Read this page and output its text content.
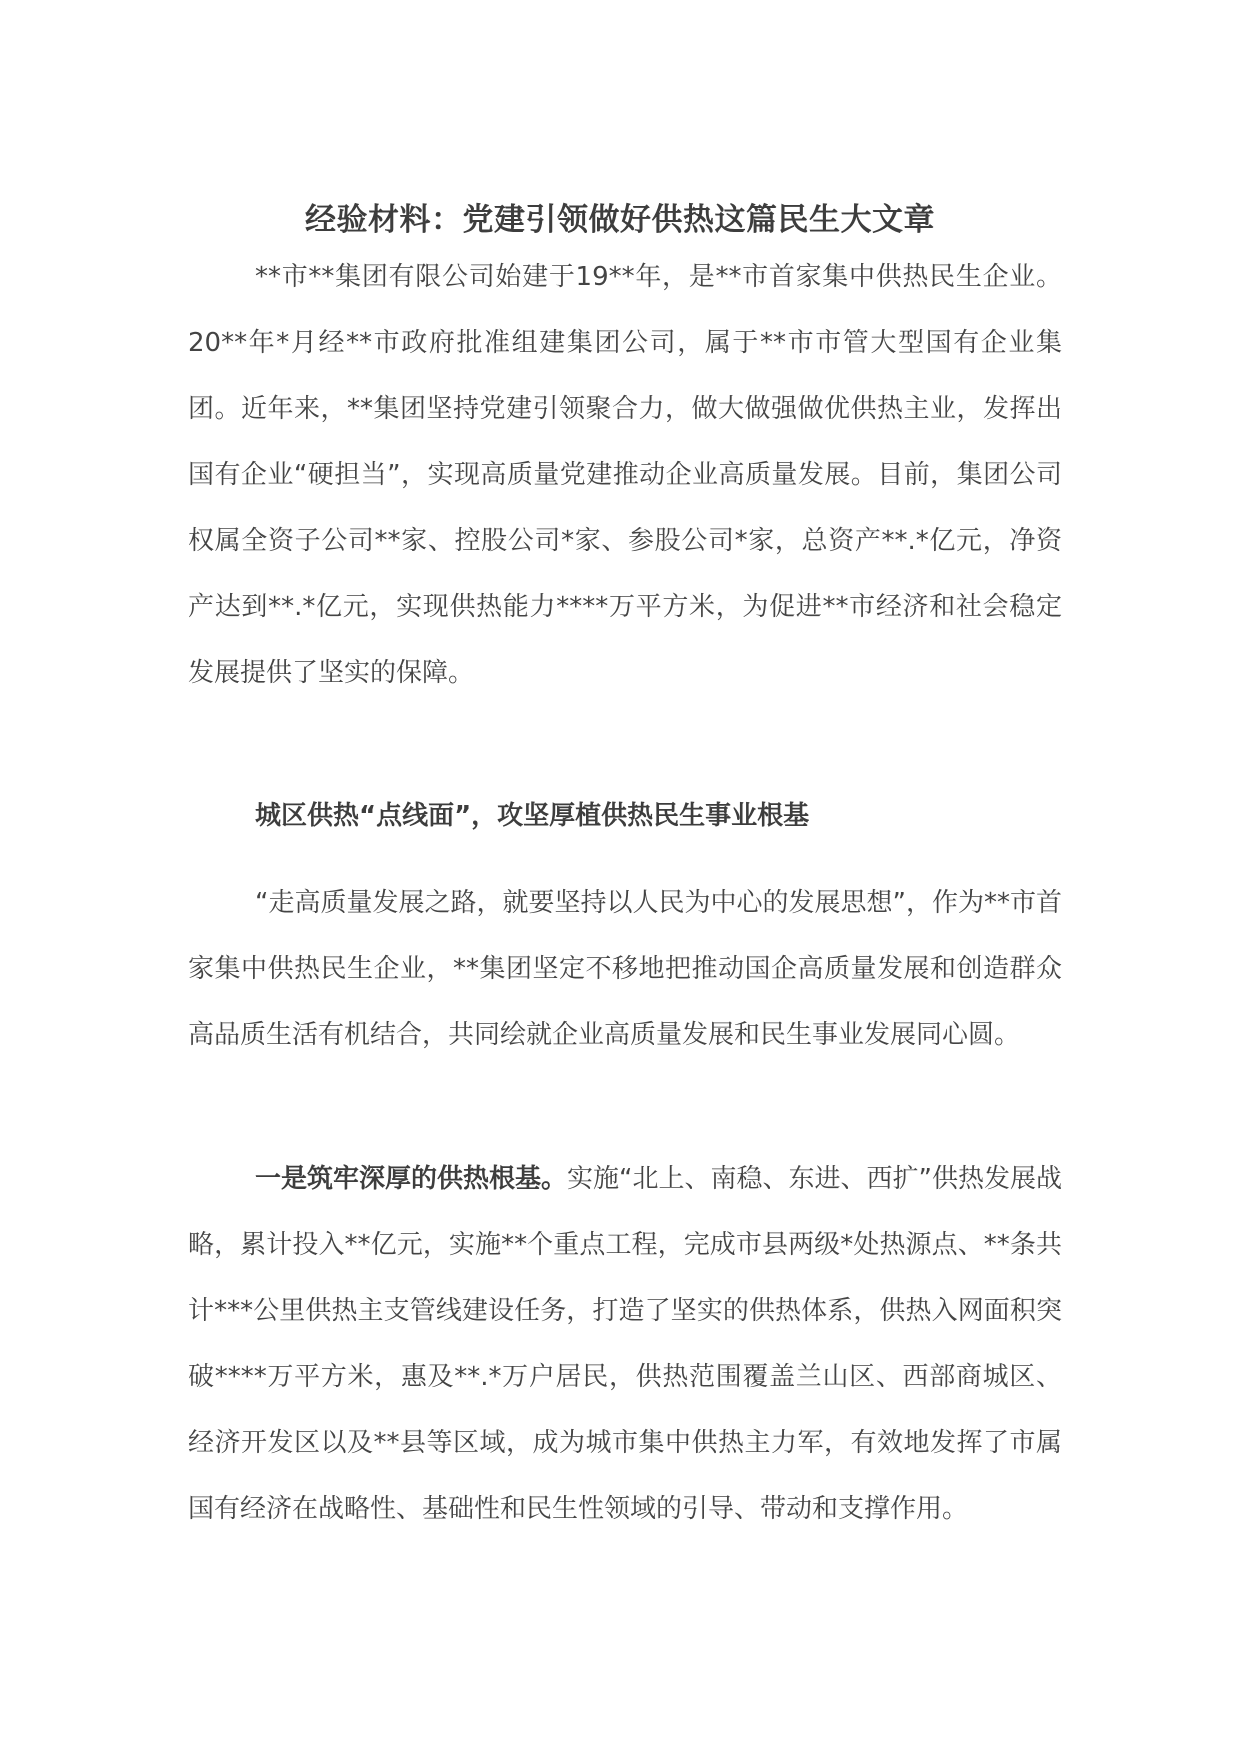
经验材料：党建引领做好供热这篇民生大文章

**市**集团有限公司始建于19**年，是**市首家集中供热民生企业。20**年*月经**市政府批准组建集团公司，属于**市市管大型国有企业集团。近年来，**集团坚持党建引领聚合力，做大做强做优供热主业，发挥出国有企业“硬担当”，实现高质量党建推动企业高质量发展。目前，集团公司权属全资子公司**家、控股公司*家、参股公司*家，总资产**.*亿元，净资产达到**.*亿元，实现供热能力****万平方米，为促进**市经济和社会稳定发展提供了坚实的保障。

城区供热“点线面”，攻坚厚植供热民生事业根基

“走高质量发展之路，就要坚持以人民为中心的发展思想”，作为**市首家集中供热民生企业，**集团坚定不移地把推动国企高质量发展和创造群众高品质生活有机结合，共同绘就企业高质量发展和民生事业发展同心圆。

一是筑牢深厚的供热根基。实施“北上、南稳、东进、西扩”供热发展战略，累计投入**亿元，实施**个重点工程，完成市县两级*处热源点、**条共计***公里供热主支管线建设任务，打造了坚实的供热体系，供热入网面积突破****万平方米，惠及**.*万户居民，供热范围覆盖兰山区、西部商城区、经济开发区以及**县等区域，成为城市集中供热主力军，有效地发挥了市属国有经济在战略性、基础性和民生性领域的引导、带动和支撑作用。
